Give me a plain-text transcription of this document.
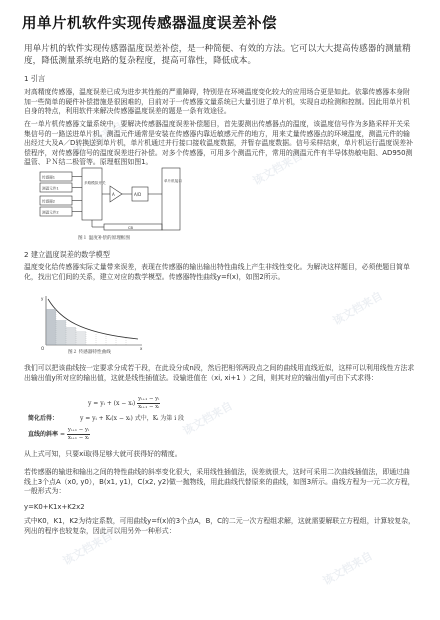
该文档来自
该文档来自
该文档来自
该文档来自
该文档来自
该文档来自
用单片机软件实现传感器温度误差补偿

用单片机的软件实现传感器温度误差补偿，是一种简便、有效的方法。它可以大大提高传感器的测量精度，降低测量系统电路的复杂程度，提高可靠性，降低成本。

1 引言

对高精度传感器，温度误差已成为进步其性能的严重障碍，特别是在环境温度变化较大的应用场合更是如此。依靠传感器本身附加一些简单的硬件补偿措施是很困难的，目前对于一传感器文量系统已大量引进了单片机，实现自动检测和控制。因此用单片机自身的特点，利用软件来解决传感器温度误差的题是一条有效途径。

在一单片机传感器文量系统中，要解决传感器温度误差补偿题目，首先要测出传感器点的温度，该温度信号作为多路采样开关采集信号的一路送进单片机。测温元件通常是安装在传感器内靠近敏感元件的地方，用来丈量传感器点的环境温度，测温元件的输出经过大及A／D转换送到单片机，单片机通过并行接口接收温度数据，并暂存温度数据。信号采样结束，单片机运行温度误差补偿程序，对传感器信号的温度误差进行补偿。对多个传感器，可用多个测温元件，常用的测温元件有半导体热敏电阻、AD950测温管、ＰＮ结二极管等。原理框图如图1。

传感器1
测温元件1
传感器2
测温元件2
多路模拟开关
A	A/D
单片机接口
CB
图１ 温度补偿的原理框图

2 建立温度误差的数学模型

温度变化给传感器实际丈量带来误差，表现在传感器的输出输出特性曲线上产生非线性变化。为解决这样题目，必须使题目简单化，找出它们间的关系，建立对应的数学模型。传感器特性曲线y=f(x)，如图2所示。

y
x
O
图２ 传感器特性曲线

我们可以把该曲线按一定要求分成若干段，在此设分成n段，然后把相邻两段点之间的曲线用直线近似，这样可以利用线性方法求出输出值y所对应的输出值，这就是线性插值法。设输进值在（xi, xi+1 ）之间，则其对应的输出值y可由下式求得：

y = yᵢ + (x − xᵢ) $\frac{\text{yᵢ₊₁ − yᵢ}}{\text{xᵢ₊₁ − xᵢ}}$
简化后得：	y = yᵢ + Kᵢ(x − xᵢ) 式中，Kᵢ 为第 i 段
直线的斜率 = $\frac{\text{yᵢ₊₁ − yᵢ}}{\text{xᵢ₊₁ − xᵢ}}$

从上式可知，只要xi取得足够大就可获得好的精度。

若传感器的输进和输出之间的特性曲线的斜率变化很大，采用线性插值法，误差就很大，这时可采用二次曲线插值法，即通过曲线上3个点A（x0, y0），B(x1, y1)，C(x2, y2)做一抛物线，用此曲线代替原来的曲线，如图3所示。曲线方程为一元二次方程，一般形式为：

y=K0+K1x+K2x2

式中K0，K1，K2为待定系数，可用曲线y=f(x)的3个点A，B，C的二元一次方程组求解，这就需要解联立方程组，计算较复杂，列出的程序也较复杂，因此可以用另外一种形式：
